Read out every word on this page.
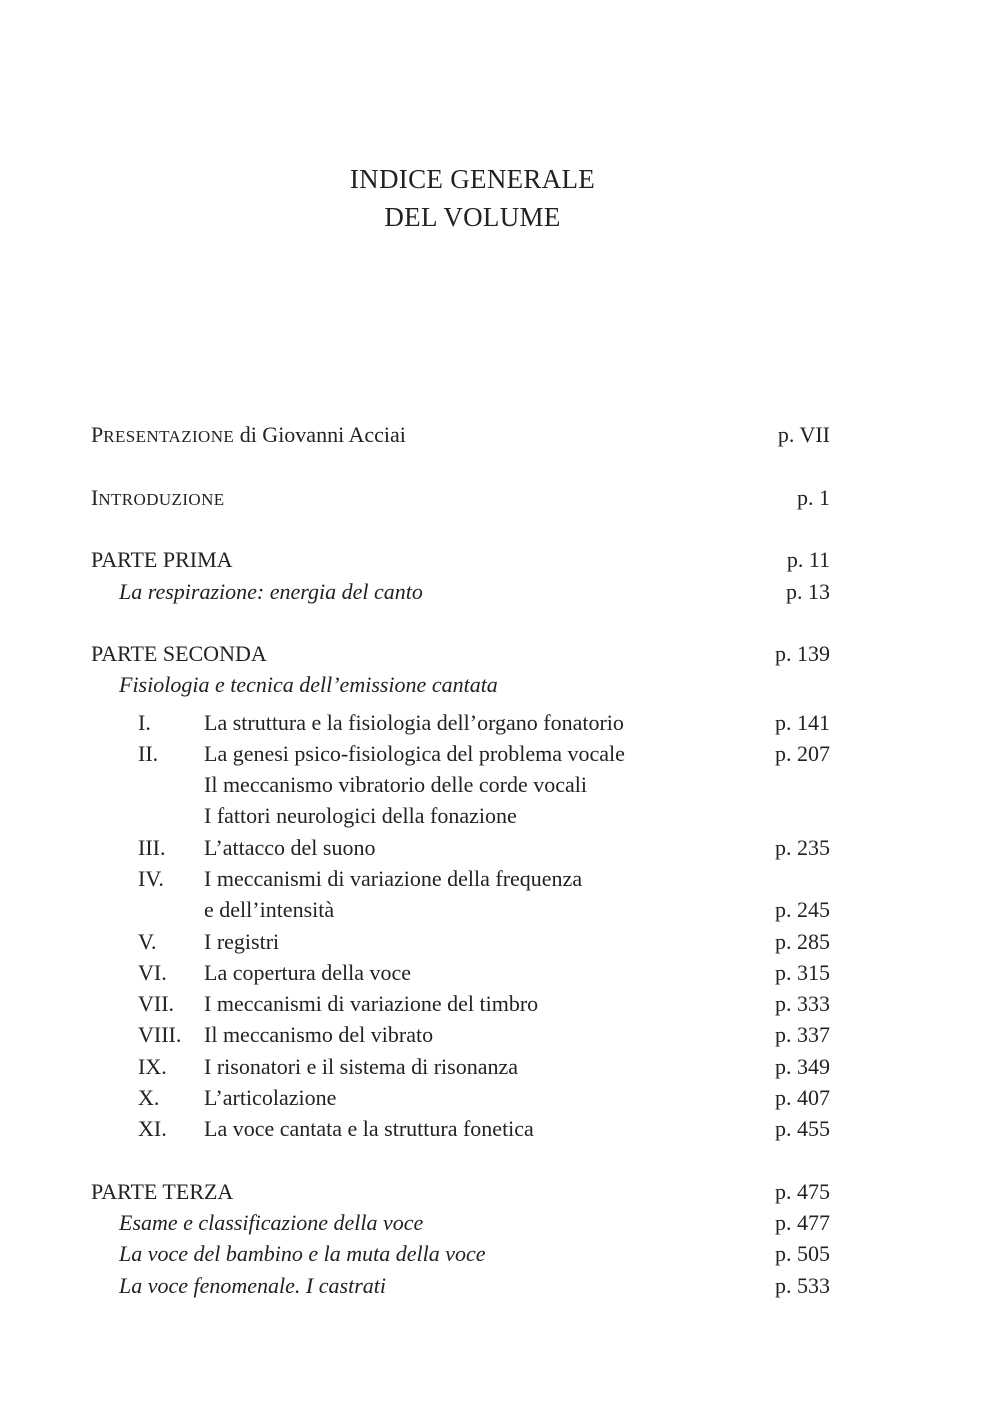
INDICE GENERALE
DEL VOLUME
PRESENTAZIONE di Giovanni Acciai	p. VII
INTRODUZIONE	p. 1
PARTE PRIMA	p. 11
La respirazione: energia del canto	p. 13
PARTE SECONDA	p. 139
Fisiologia e tecnica dell’emissione cantata
I. La struttura e la fisiologia dell’organo fonatorio	p. 141
II. La genesi psico-fisiologica del problema vocale	p. 207
Il meccanismo vibratorio delle corde vocali
I fattori neurologici della fonazione
III. L’attacco del suono	p. 235
IV. I meccanismi di variazione della frequenza
e dell’intensità	p. 245
V. I registri	p. 285
VI. La copertura della voce	p. 315
VII. I meccanismi di variazione del timbro	p. 333
VIII. Il meccanismo del vibrato	p. 337
IX. I risonatori e il sistema di risonanza	p. 349
X. L’articolazione	p. 407
XI. La voce cantata e la struttura fonetica	p. 455
PARTE TERZA	p. 475
Esame e classificazione della voce	p. 477
La voce del bambino e la muta della voce	p. 505
La voce fenomenale. I castrati	p. 533
